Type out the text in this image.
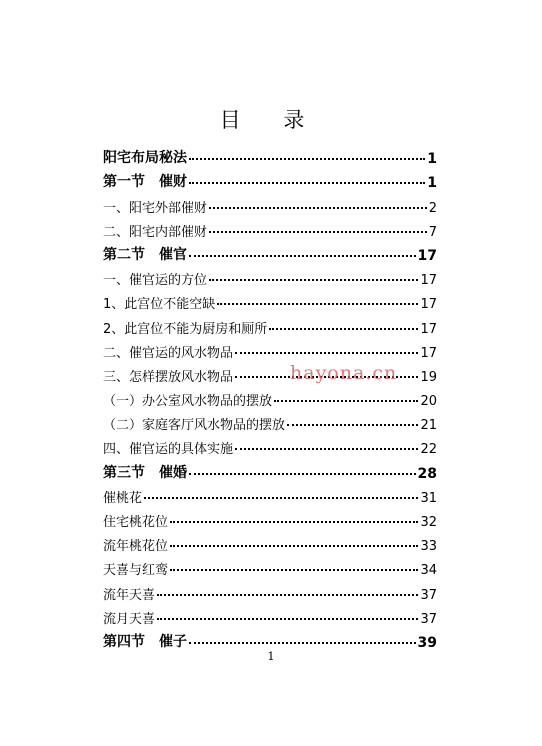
目 录
阳宅布局秘法	1
第一节　催财	1
一、阳宅外部催财	2
二、阳宅内部催财	7
第二节　催官	17
一、催官运的方位	17
1、此宫位不能空缺	17
2、此宫位不能为厨房和厕所	17
二、催官运的风水物品	17
三、怎样摆放风水物品	19
（一）办公室风水物品的摆放	20
（二）家庭客厅风水物品的摆放	21
四、催官运的具体实施	22
第三节　催婚	28
催桃花	31
住宅桃花位	32
流年桃花位	33
天喜与红鸾	34
流年天喜	37
流月天喜	37
第四节　催子	39
hayona.cn
1
